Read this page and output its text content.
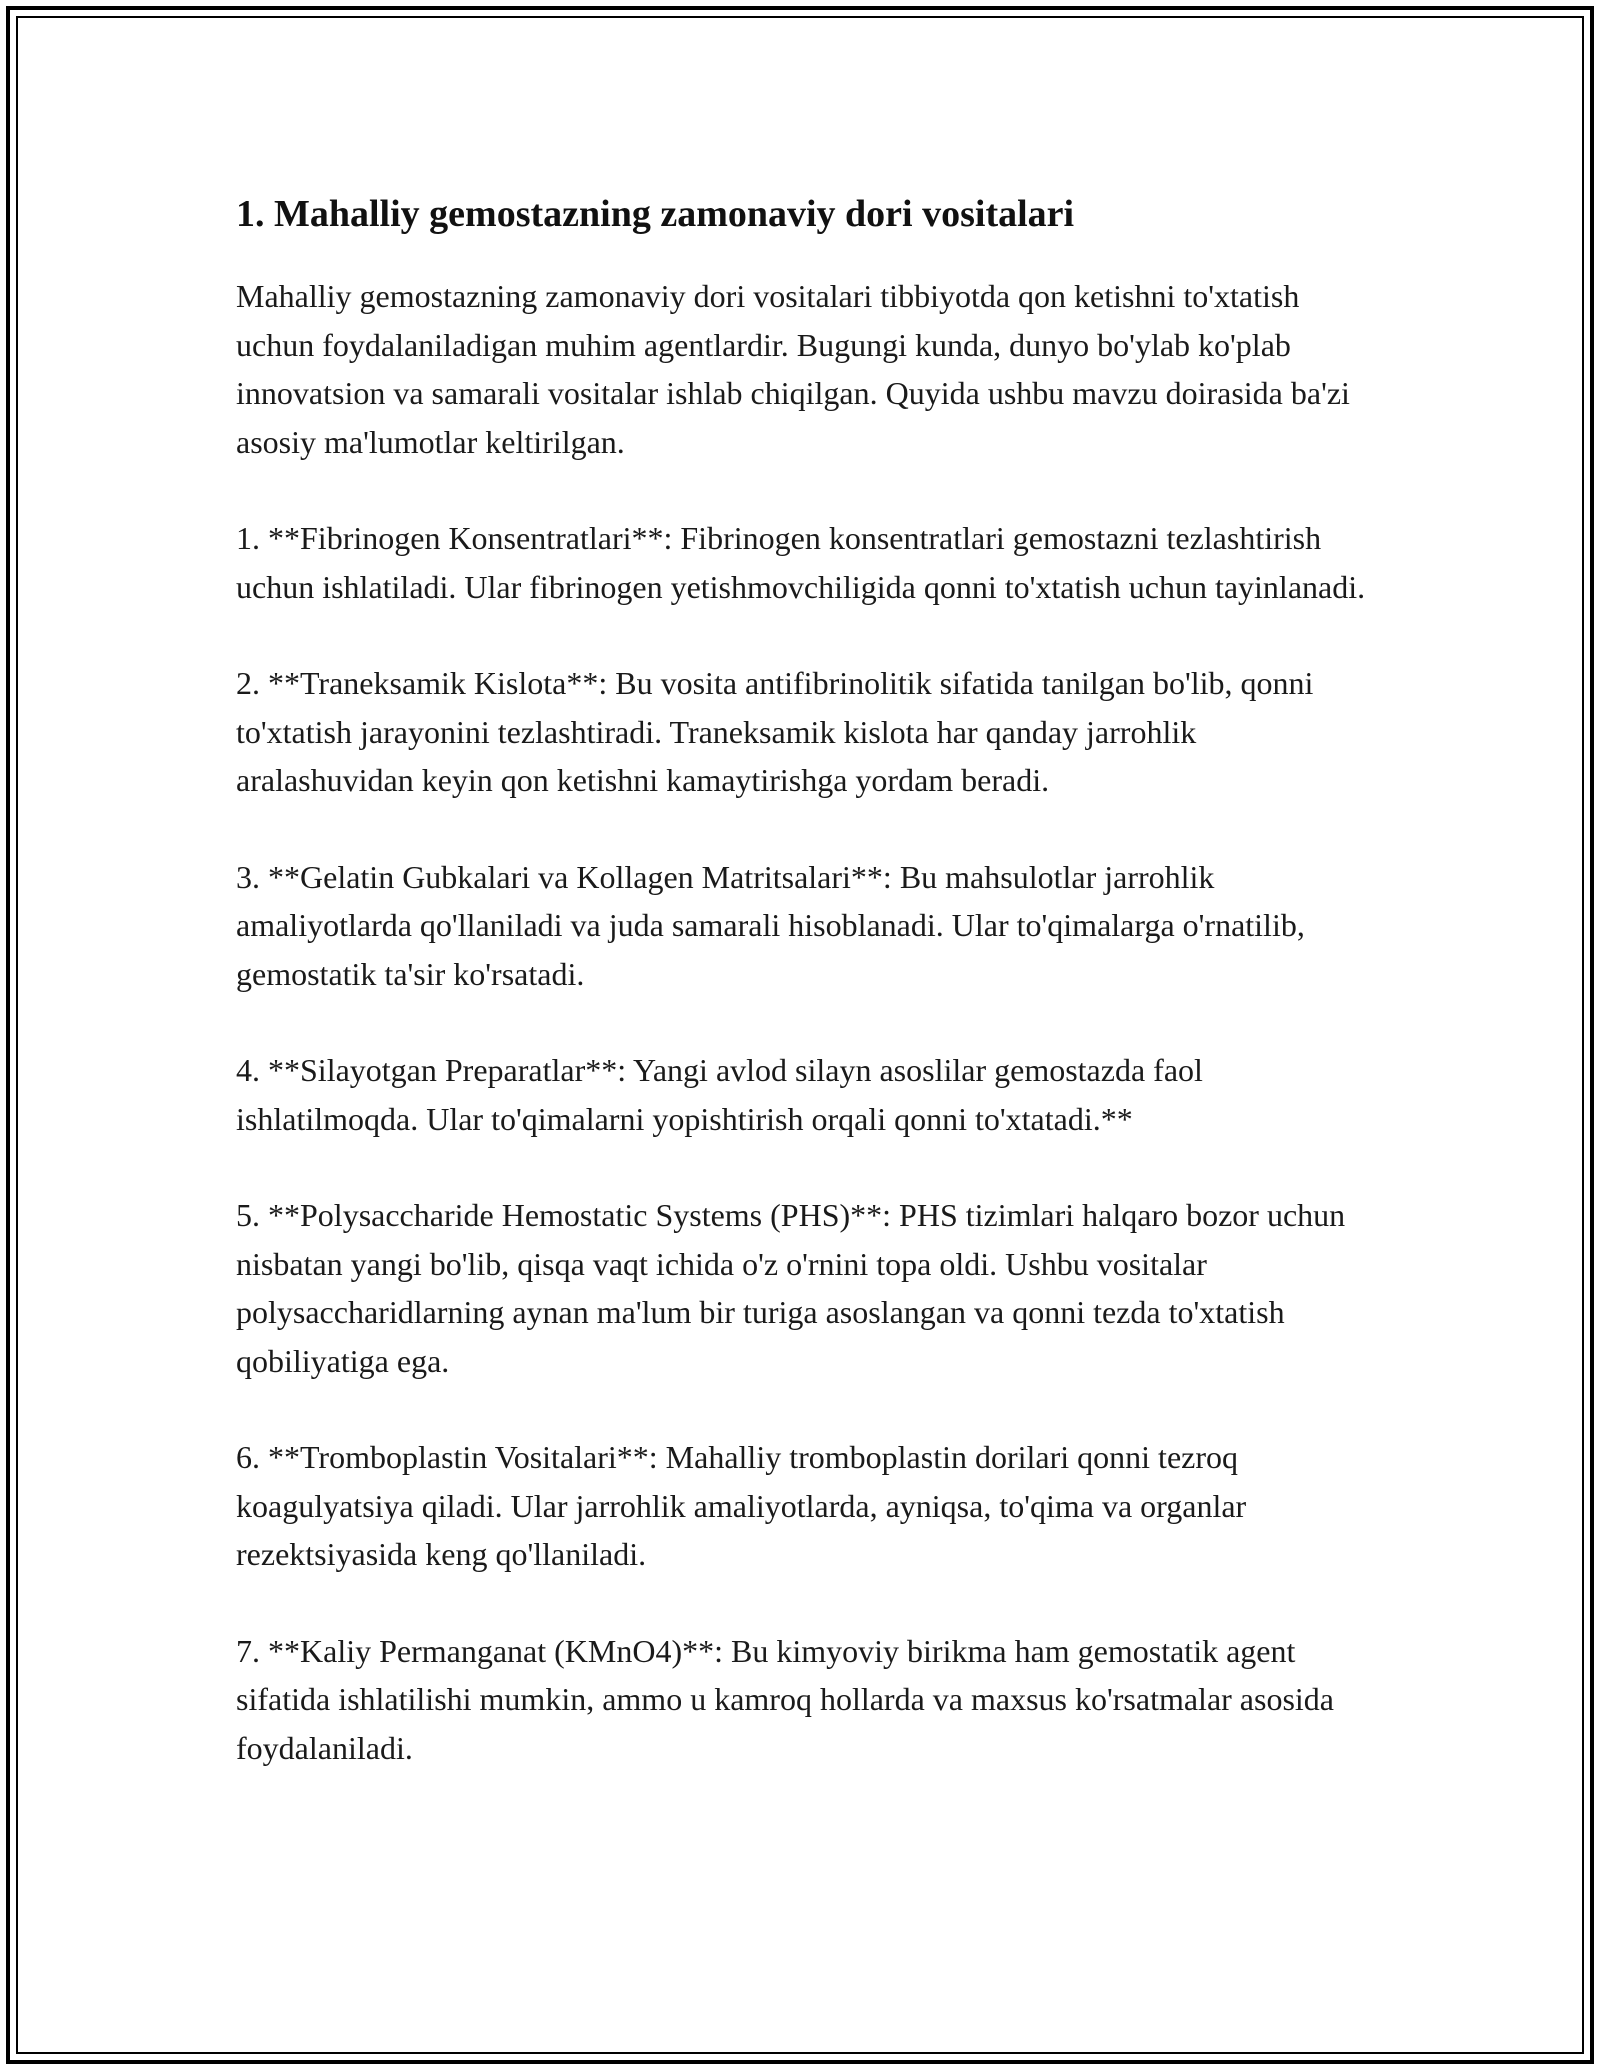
1. Mahalliy gemostazning zamonaviy dori vositalari

Mahalliy gemostazning zamonaviy dori vositalari tibbiyotda qon ketishni to'xtatish uchun foydalaniladigan muhim agentlardir. Bugungi kunda, dunyo bo'ylab ko'plab innovatsion va samarali vositalar ishlab chiqilgan. Quyida ushbu mavzu doirasida ba'zi asosiy ma'lumotlar keltirilgan.

1. **Fibrinogen Konsentratlari**: Fibrinogen konsentratlari gemostazni tezlashtirish uchun ishlatiladi. Ular fibrinogen yetishmovchiligida qonni to'xtatish uchun tayinlanadi.

2. **Traneksamik Kislota**: Bu vosita antifibrinolitik sifatida tanilgan bo'lib, qonni to'xtatish jarayonini tezlashtiradi. Traneksamik kislota har qanday jarrohlik aralashuvidan keyin qon ketishni kamaytirishga yordam beradi.

3. **Gelatin Gubkalari va Kollagen Matritsalari**: Bu mahsulotlar jarrohlik amaliyotlarda qo'llaniladi va juda samarali hisoblanadi. Ular to'qimalarga o'rnatilib, gemostatik ta'sir ko'rsatadi.

4. **Silayotgan Preparatlar**: Yangi avlod silayn asoslilar gemostazda faol ishlatilmoqda. Ular to'qimalarni yopishtirish orqali qonni to'xtatadi.**

5. **Polysaccharide Hemostatic Systems (PHS)**: PHS tizimlari halqaro bozor uchun nisbatan yangi bo'lib, qisqa vaqt ichida o'z o'rnini topa oldi. Ushbu vositalar polysaccharidlarning aynan ma'lum bir turiga asoslangan va qonni tezda to'xtatish qobiliyatiga ega.

6. **Tromboplastin Vositalari**: Mahalliy tromboplastin dorilari qonni tezroq koagulyatsiya qiladi. Ular jarrohlik amaliyotlarda, ayniqsa, to'qima va organlar rezektsiyasida keng qo'llaniladi.

7. **Kaliy Permanganat (KMnO4)**: Bu kimyoviy birikma ham gemostatik agent sifatida ishlatilishi mumkin, ammo u kamroq hollarda va maxsus ko'rsatmalar asosida foydalaniladi.
